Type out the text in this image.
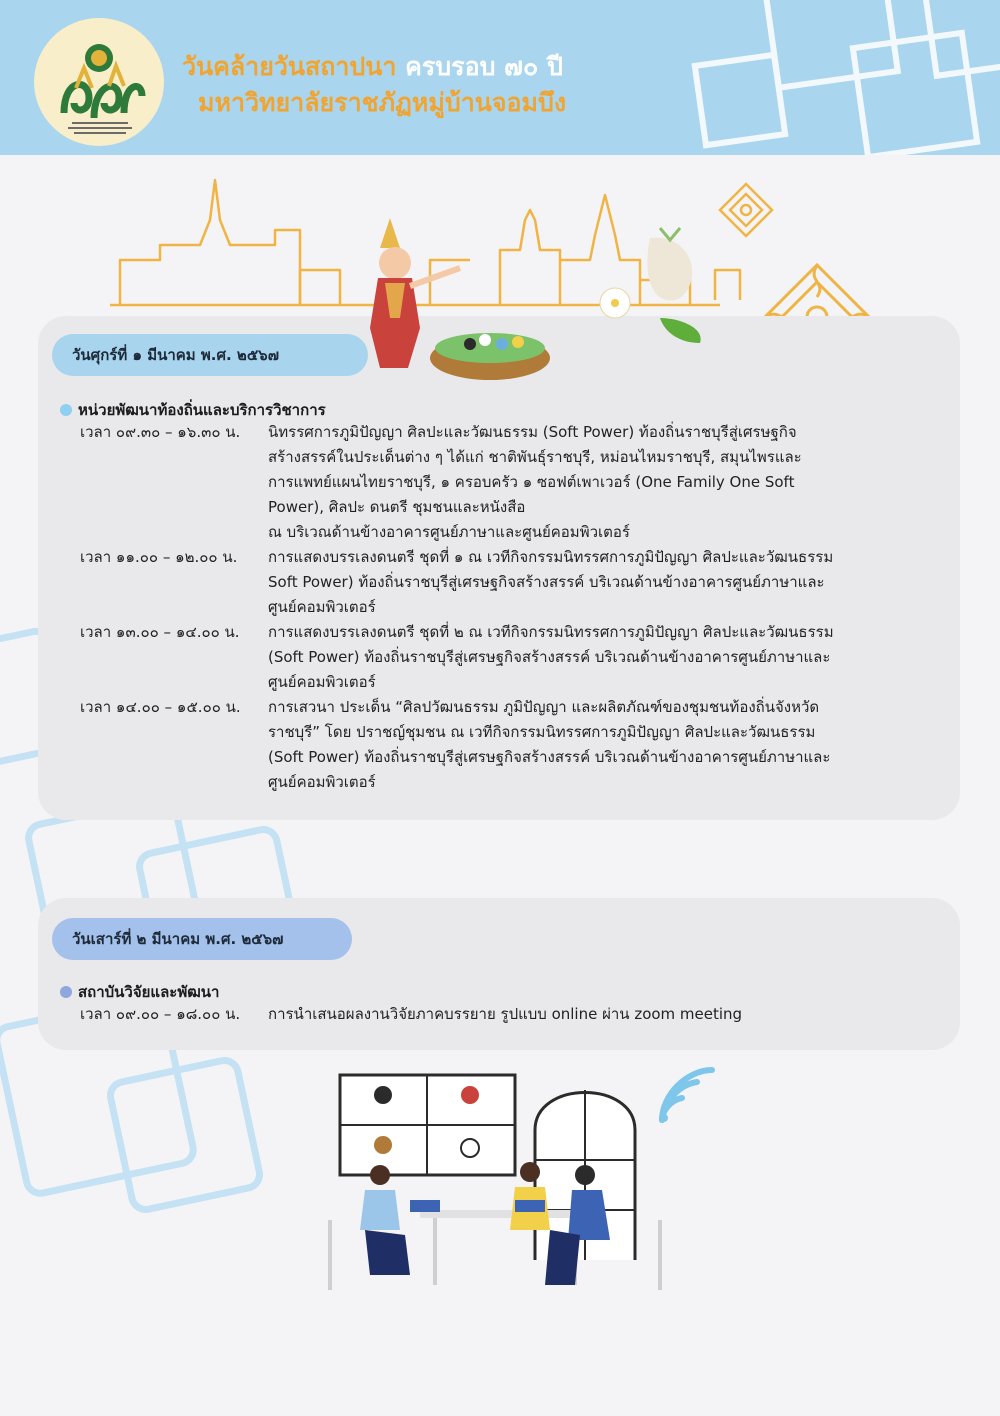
วันคล้ายวันสถาปนา ครบรอบ ๗๐ ปี
มหาวิทยาลัยราชภัฏหมู่บ้านจอมบึง
วันศุกร์ที่ ๑ มีนาคม พ.ศ. ๒๕๖๗
หน่วยพัฒนาท้องถิ่นและบริการวิชาการ
เวลา ๐๙.๓๐ – ๑๖.๓๐ น. นิทรรศการภูมิปัญญา ศิลปะและวัฒนธรรม (Soft Power) ท้องถิ่นราชบุรีสู่เศรษฐกิจ
สร้างสรรค์ในประเด็นต่าง ๆ ได้แก่ ชาติพันธุ์ราชบุรี, หม่อนไหมราชบุรี, สมุนไพรและ
การแพทย์แผนไทยราชบุรี, ๑ ครอบครัว ๑ ซอฟต์เพาเวอร์ (One Family One Soft
Power), ศิลปะ ดนตรี ชุมชนและหนังสือ
ณ บริเวณด้านข้างอาคารศูนย์ภาษาและศูนย์คอมพิวเตอร์
เวลา ๑๑.๐๐ – ๑๒.๐๐ น. การแสดงบรรเลงดนตรี ชุดที่ ๑ ณ เวทีกิจกรรมนิทรรศการภูมิปัญญา ศิลปะและวัฒนธรรม
Soft Power) ท้องถิ่นราชบุรีสู่เศรษฐกิจสร้างสรรค์ บริเวณด้านข้างอาคารศูนย์ภาษาและ
ศูนย์คอมพิวเตอร์
เวลา ๑๓.๐๐ – ๑๔.๐๐ น. การแสดงบรรเลงดนตรี ชุดที่ ๒ ณ เวทีกิจกรรมนิทรรศการภูมิปัญญา ศิลปะและวัฒนธรรม
(Soft Power) ท้องถิ่นราชบุรีสู่เศรษฐกิจสร้างสรรค์ บริเวณด้านข้างอาคารศูนย์ภาษาและ
ศูนย์คอมพิวเตอร์
เวลา ๑๔.๐๐ – ๑๕.๐๐ น. การเสวนา ประเด็น “ศิลปวัฒนธรรม ภูมิปัญญา และผลิตภัณฑ์ของชุมชนท้องถิ่นจังหวัด
ราชบุรี” โดย ปราชญ์ชุมชน ณ เวทีกิจกรรมนิทรรศการภูมิปัญญา ศิลปะและวัฒนธรรม
(Soft Power) ท้องถิ่นราชบุรีสู่เศรษฐกิจสร้างสรรค์ บริเวณด้านข้างอาคารศูนย์ภาษาและ
ศูนย์คอมพิวเตอร์
วันเสาร์ที่ ๒ มีนาคม พ.ศ. ๒๕๖๗
สถาบันวิจัยและพัฒนา
เวลา ๐๙.๐๐ – ๑๘.๐๐ น. การนำเสนอผลงานวิจัยภาคบรรยาย รูปแบบ online ผ่าน zoom meeting
